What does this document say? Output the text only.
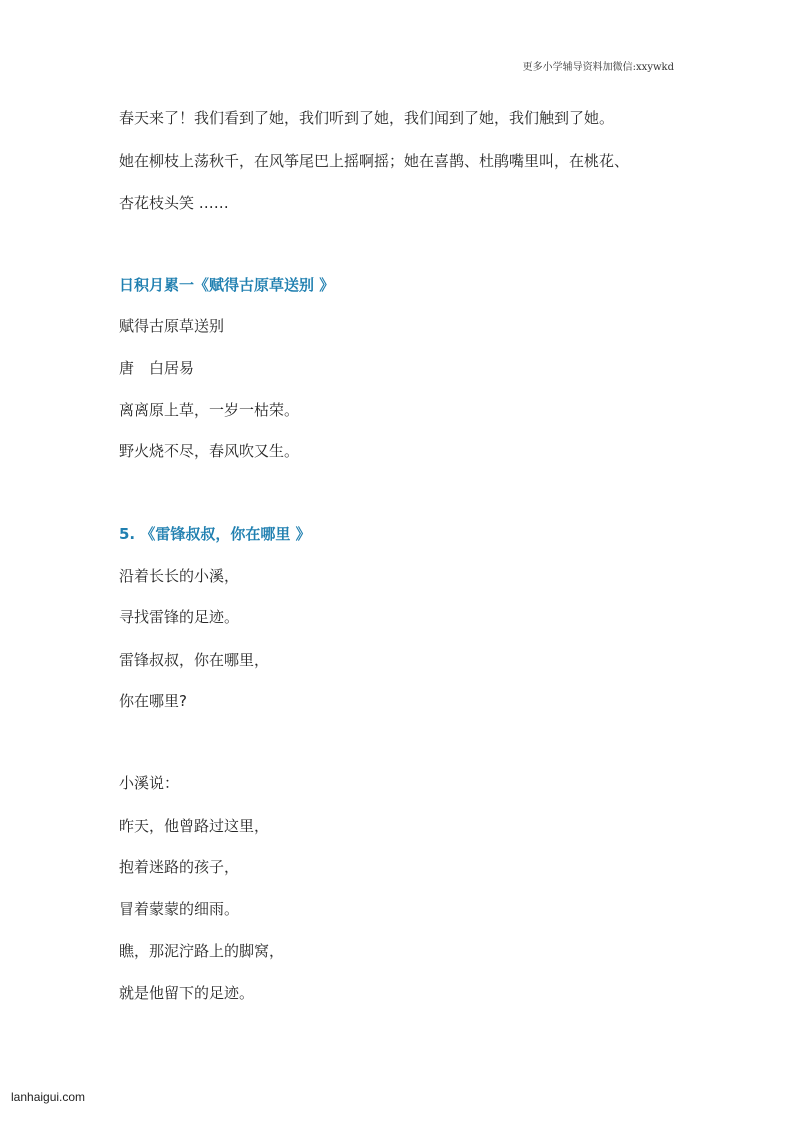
更多小学辅导资料加微信:xxywkd
春天来了！我们看到了她，我们听到了她，我们闻到了她，我们触到了她。
她在柳枝上荡秋千，在风筝尾巴上摇啊摇；她在喜鹊、杜鹃嘴里叫，在桃花、
杏花枝头笑 ……
日积月累一《赋得古原草送别 》
赋得古原草送别
唐　白居易
离离原上草，一岁一枯荣。
野火烧不尽，春风吹又生。
5. 《雷锋叔叔，你在哪里 》
沿着长长的小溪，
寻找雷锋的足迹。
雷锋叔叔，你在哪里，
你在哪里?
小溪说：
昨天，他曾路过这里，
抱着迷路的孩子，
冒着蒙蒙的细雨。
瞧，那泥泞路上的脚窝，
就是他留下的足迹。
lanhaigui.com
